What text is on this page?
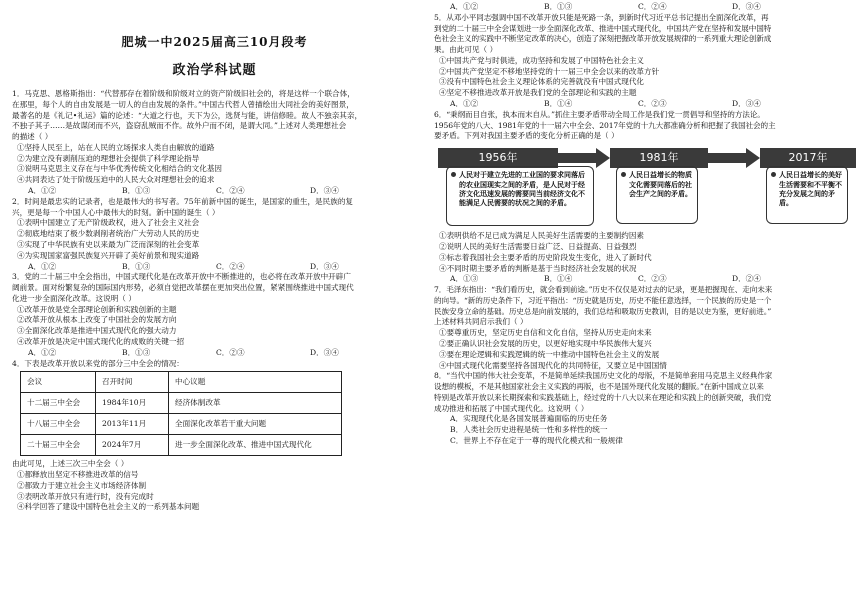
肥城一中2025届高三10月段考

政治学科试题

1．马克思、恩格斯指出：“代替那存在着阶级和阶级对立的资产阶级旧社会的，将是这样一个联合体，

在那里，每个人的自由发展是一切人的自由发展的条件。”中国古代哲人曾描绘出大同社会的美好图景，

最著名的是《礼记•礼运》篇的论述：“大道之行也，天下为公，选贤与能，讲信修睦。故人不独亲其亲，

不独子其子……是故谋闭而不兴，盗窃乱贼而不作。故外户而不闭，是谓大同。”上述对人类理想社会

的描述（ ）

①坚持人民至上，站在人民的立场探求人类自由解放的道路

②为建立没有剥削压迫的理想社会提供了科学理论指导

③说明马克思主义存在与中华优秀传统文化相结合的文化基因

④共同表达了处于阶级压迫中的人民大众对理想社会的追求

A．①②	B．①③	C．②④	D．③④

2．时间是最忠实的记录者，也是最伟大的书写者。75年前新中国的诞生，是国家的重生，是民族的复

兴，更是每一个中国人心中最伟大的时刻。新中国的诞生（ ）

①表明中国建立了无产阶级政权，进入了社会主义社会

②彻底地结束了极少数剥削者统治广大劳动人民的历史

③实现了中华民族有史以来最为广泛而深刻的社会变革

④为实现国家富强民族复兴开辟了美好前景和现实道路

A．①②	B．①③	C．②④	D．③④

3．党的二十届三中全会指出，中国式现代化是在改革开放中不断推进的，也必将在改革开放中开辟广

阔前景。面对纷繁复杂的国际国内形势，必须自觉把改革摆在更加突出位置，紧紧围绕推进中国式现代

化进一步全面深化改革。这说明（ ）

①改革开放是党全部理论创新和实践创新的主题

②改革开放从根本上改变了中国社会的发展方向

③全面深化改革是推进中国式现代化的强大动力

④改革开放是决定中国式现代化的成败的关键一招

A．①②	B．①③	C．②③	D．③④

4．下表是改革开放以来党的部分三中全会的情况：

会议	召开时间	中心议题
十二届三中全会	1984年10月	经济体制改革
十八届三中全会	2013年11月	全面深化改革若干重大问题
二十届三中全会	2024年7月	进一步全面深化改革、推进中国式现代化

由此可见，上述三次三中全会（ ）

①都释放出坚定不移推进改革的信号

②都致力于建立社会主义市场经济体制

③表明改革开放只有进行时，没有完成时

④科学回答了建设中国特色社会主义的一系列基本问题

A．①②	B．①③	C．②④	D．③④

5．从邓小平同志强调中国不改革开放只能是死路一条，到新时代习近平总书记提出全面深化改革，再

到党的二十届三中全会谋划进一步全面深化改革、推进中国式现代化，中国共产党在坚持和发展中国特

色社会主义的实践中不断坚定改革的决心，创造了深刻把握改革开放发展规律的一系列重大理论创新成

果。由此可见（ ）

①中国共产党与时俱进，成功坚持和发展了中国特色社会主义

②中国共产党坚定不移地坚持党的十一届三中全会以来的改革方针

③没有中国特色社会主义理论体系的完善就没有中国式现代化

④坚定不移推进改革开放是我们党的全部理论和实践的主题

A．①②	B．①④	C．②③	D．③④

6．“秉纲而目自张，执本而末自从。”抓住主要矛盾带动全局工作是我们党一贯倡导和坚持的方法论。

1956年党的八大、1981年党的十一届六中全会、2017年党的十九大都准确分析和把握了我国社会的主

要矛盾。下列对我国主要矛盾的变化分析正确的是（ ）

1956年	1981年	2017年
人民对于建立先进的工业国的要求同落后的农业国现实之间的矛盾，是人民对于经济文化迅速发展的需要同当前经济文化不能满足人民需要的状况之间的矛盾。
人民日益增长的物质文化需要同落后的社会生产之间的矛盾。
人民日益增长的美好生活需要和不平衡不充分发展之间的矛盾。

①表明供给不足已成为满足人民美好生活需要的主要制约因素

②说明人民的美好生活需要日益广泛、日益提高、日益强烈

③标志着我国社会主要矛盾的历史阶段发生变化，进入了新时代

④不同时期主要矛盾的判断是基于当时经济社会发展的状况

A．①③	B．①④	C．②③	D．②④

7．毛泽东指出：“我们看历史，就会看到前途。”历史不仅仅是对过去的记录，更是把握现在、走向未来

的向导。“新的历史条件下，习近平指出：“历史就是历史，历史不能任意选择，一个民族的历史是一个

民族安身立命的基础。历史总是向前发展的，我们总结和吸取历史教训，目的是以史为鉴，更好前进。”

上述材料共同启示我们（ ）

①要尊重历史，坚定历史自信和文化自信，坚持从历史走向未来

②要正确认识社会发展的历史，以更好地实现中华民族伟大复兴

③要在理论逻辑和实践逻辑的统一中推动中国特色社会主义的发展

④中国式现代化需要坚持各国现代化的共同特征，又要立足中国国情

8．“当代中国的伟大社会变革，不是简单延续我国历史文化的母版，不是简单套用马克思主义经典作家

设想的模板，不是其他国家社会主义实践的再版，也不是国外现代化发展的翻版。”在新中国成立以来

特别是改革开放以来长期探索和实践基础上，经过党的十八大以来在理论和实践上的创新突破，我们党

成功推进和拓展了中国式现代化。这说明（ ）

A．实现现代化是各国发展普遍面临的历史任务

B．人类社会历史进程是统一性和多样性的统一

C．世界上不存在定于一尊的现代化模式和一般规律
